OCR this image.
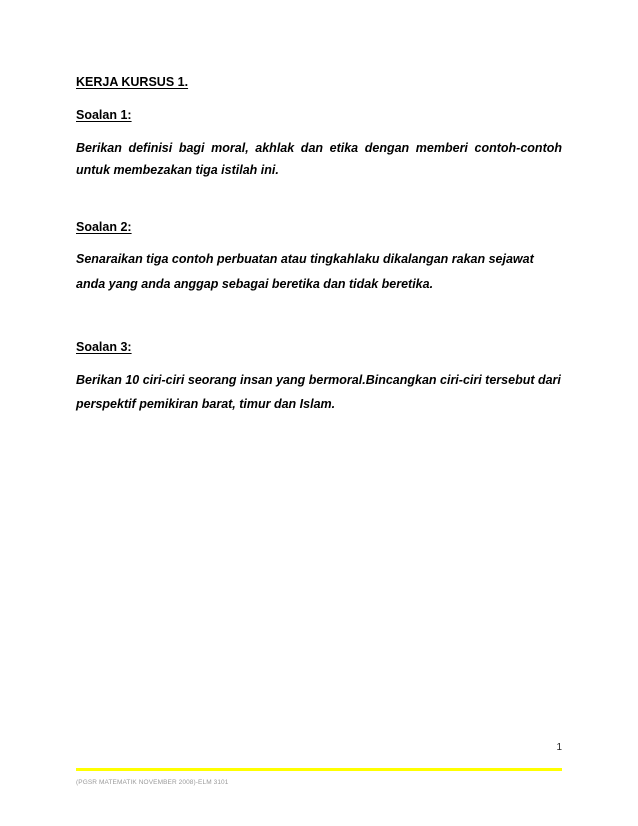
KERJA KURSUS 1.
Soalan 1:
Berikan definisi bagi moral, akhlak dan etika dengan memberi contoh-contoh untuk membezakan tiga istilah ini.
Soalan 2:
Senaraikan tiga contoh perbuatan atau tingkahlaku dikalangan rakan sejawat
anda yang anda anggap sebagai beretika dan tidak beretika.
Soalan 3:
Berikan 10 ciri-ciri seorang insan yang bermoral.Bincangkan ciri-ciri tersebut dari
perspektif pemikiran barat, timur dan Islam.
1
(PGSR MATEMATIK NOVEMBER 2008)-ELM 3101
